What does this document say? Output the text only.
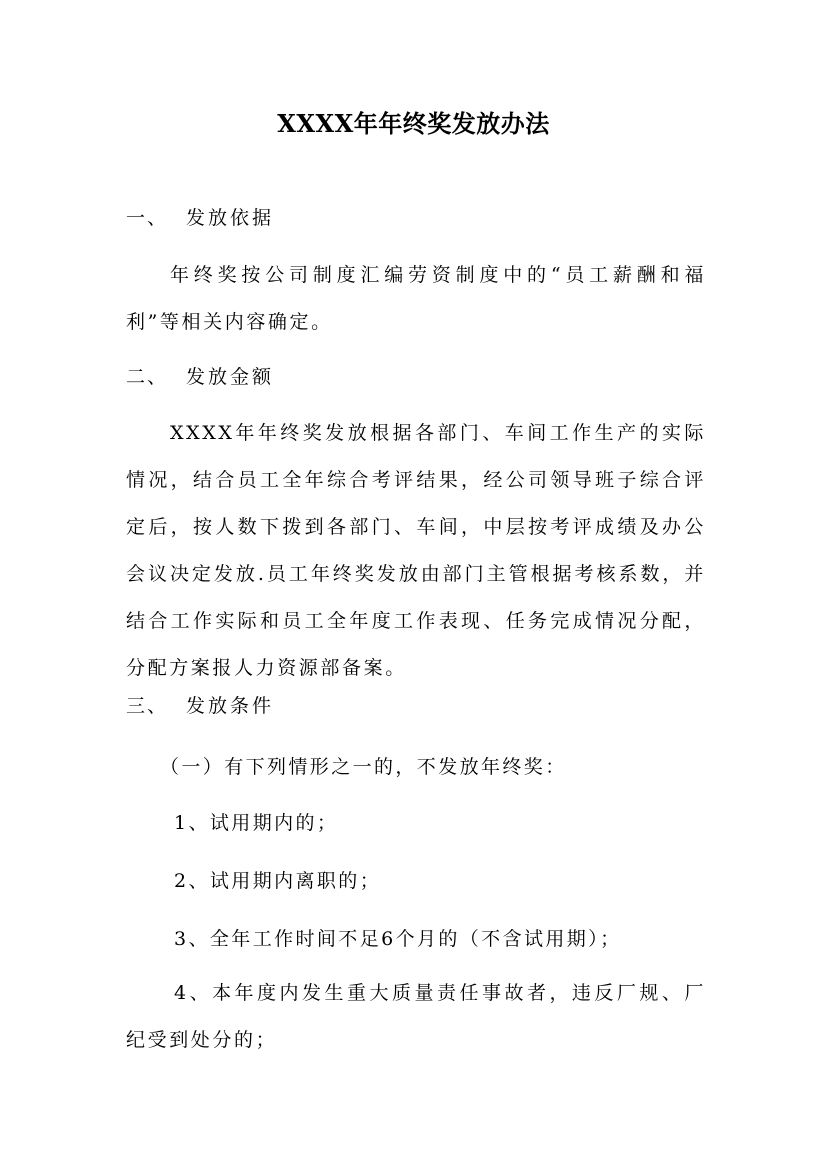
XXXX年年终奖发放办法
一、 发放依据
年终奖按公司制度汇编劳资制度中的“员工薪酬和福利”等相关内容确定。
二、 发放金额
XXXX年年终奖发放根据各部门、车间工作生产的实际情况，结合员工全年综合考评结果，经公司领导班子综合评定后，按人数下拨到各部门、车间，中层按考评成绩及办公会议决定发放.员工年终奖发放由部门主管根据考核系数，并结合工作实际和员工全年度工作表现、任务完成情况分配，分配方案报人力资源部备案。
三、 发放条件
（一）有下列情形之一的，不发放年终奖：
1、试用期内的；
2、试用期内离职的；
3、全年工作时间不足6个月的（不含试用期）；
4、本年度内发生重大质量责任事故者，违反厂规、厂纪受到处分的；
